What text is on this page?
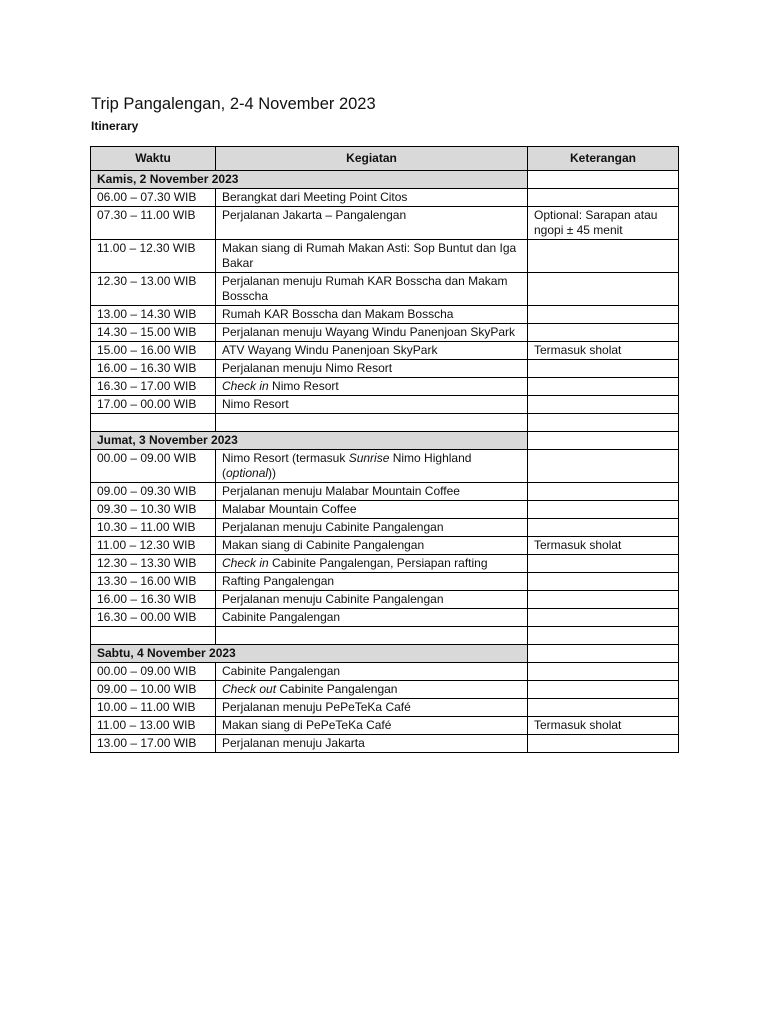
Trip Pangalengan, 2-4 November 2023
Itinerary
Waktu	Kegiatan	Keterangan
Kamis, 2 November 2023		
06.00 – 07.30 WIB	Berangkat dari Meeting Point Citos	
07.30 – 11.00 WIB	Perjalanan Jakarta – Pangalengan	Optional: Sarapan atau ngopi ± 45 menit
11.00 – 12.30 WIB	Makan siang di Rumah Makan Asti: Sop Buntut dan Iga Bakar	
12.30 – 13.00 WIB	Perjalanan menuju Rumah KAR Bosscha dan Makam Bosscha	
13.00 – 14.30 WIB	Rumah KAR Bosscha dan Makam Bosscha	
14.30 – 15.00 WIB	Perjalanan menuju Wayang Windu Panenjoan SkyPark	
15.00 – 16.00 WIB	ATV Wayang Windu Panenjoan SkyPark	Termasuk sholat
16.00 – 16.30 WIB	Perjalanan menuju Nimo Resort	
16.30 – 17.00 WIB	Check in Nimo Resort	
17.00 – 00.00 WIB	Nimo Resort	

Jumat, 3 November 2023		
00.00 – 09.00 WIB	Nimo Resort (termasuk Sunrise Nimo Highland (optional))	
09.00 – 09.30 WIB	Perjalanan menuju Malabar Mountain Coffee	
09.30 – 10.30 WIB	Malabar Mountain Coffee	
10.30 – 11.00 WIB	Perjalanan menuju Cabinite Pangalengan	
11.00 – 12.30 WIB	Makan siang di Cabinite Pangalengan	Termasuk sholat
12.30 – 13.30 WIB	Check in Cabinite Pangalengan, Persiapan rafting	
13.30 – 16.00 WIB	Rafting Pangalengan	
16.00 – 16.30 WIB	Perjalanan menuju Cabinite Pangalengan	
16.30 – 00.00 WIB	Cabinite Pangalengan	

Sabtu, 4 November 2023		
00.00 – 09.00 WIB	Cabinite Pangalengan	
09.00 – 10.00 WIB	Check out Cabinite Pangalengan	
10.00 – 11.00 WIB	Perjalanan menuju PePeTeKa Café	
11.00 – 13.00 WIB	Makan siang di PePeTeKa Café	Termasuk sholat
13.00 – 17.00 WIB	Perjalanan menuju Jakarta	
